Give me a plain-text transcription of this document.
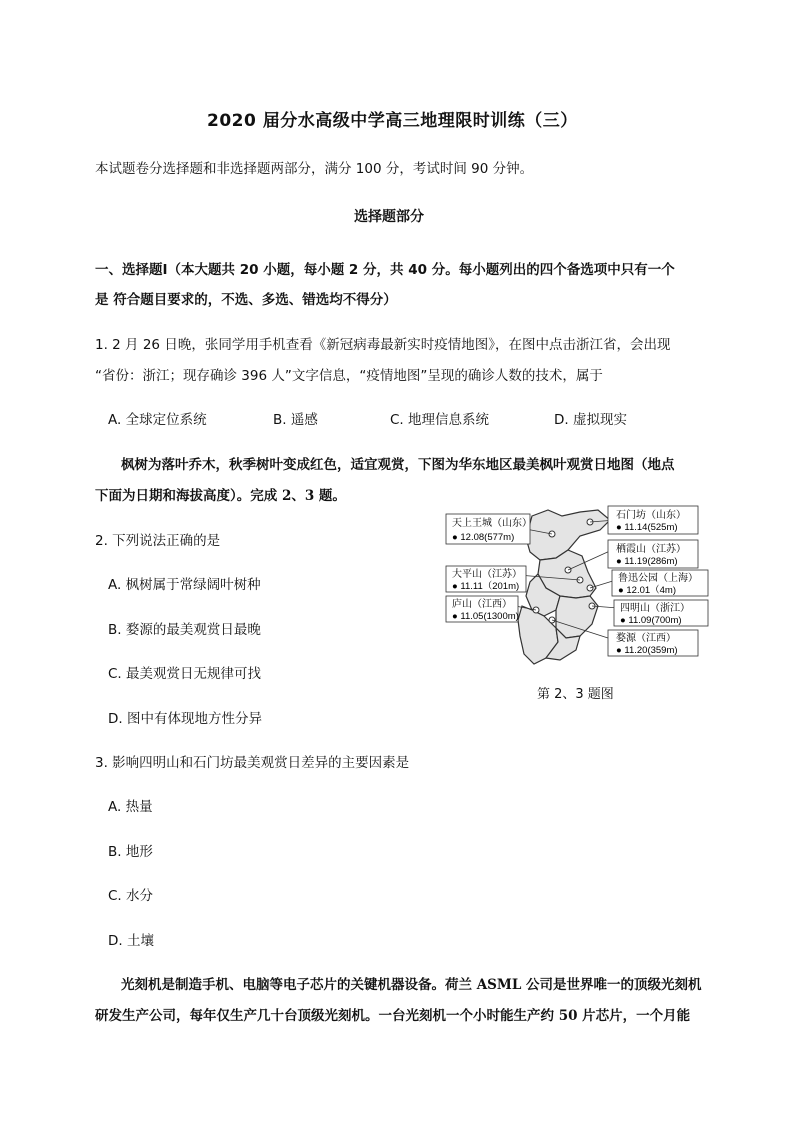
2020 届分水高级中学高三地理限时训练（三）
本试题卷分选择题和非选择题两部分，满分 100 分，考试时间 90 分钟。
选择题部分
一、选择题Ⅰ（本大题共 20 小题，每小题 2 分，共 40 分。每小题列出的四个备选项中只有一个
是 符合题目要求的，不选、多选、错选均不得分）
1. 2 月 26 日晚，张同学用手机查看《新冠病毒最新实时疫情地图》，在图中点击浙江省，会出现
“省份：浙江；现存确诊 396 人”文字信息，“疫情地图”呈现的确诊人数的技术，属于
A. 全球定位系统	B. 遥感	C. 地理信息系统	D. 虚拟现实
枫树为落叶乔木，秋季树叶变成红色，适宜观赏，下图为华东地区最美枫叶观赏日地图（地点
下面为日期和海拔高度）。完成 2、3 题。
2. 下列说法正确的是
A. 枫树属于常绿阔叶树种
B. 婺源的最美观赏日最晚
C. 最美观赏日无规律可找
D. 图中有体现地方性分异
3. 影响四明山和石门坊最美观赏日差异的主要因素是
A. 热量
B. 地形
C. 水分
D. 土壤
光刻机是制造手机、电脑等电子芯片的关键机器设备。荷兰 ASML 公司是世界唯一的顶级光刻机
研发生产公司，每年仅生产几十台顶级光刻机。一台光刻机一个小时能生产约 50 片芯片，一个月能
天上王城（山东）
● 12.08(577m)
石门坊（山东）
● 11.14(525m)
栖霞山（江苏）
● 11.19(286m)
大平山（江苏）
● 11.11（201m)
鲁迅公园（上海）
● 12.01（4m)
庐山（江西）
● 11.05(1300m)
四明山（浙江）
● 11.09(700m)
婺源（江西）
● 11.20(359m)
第 2、3 题图
